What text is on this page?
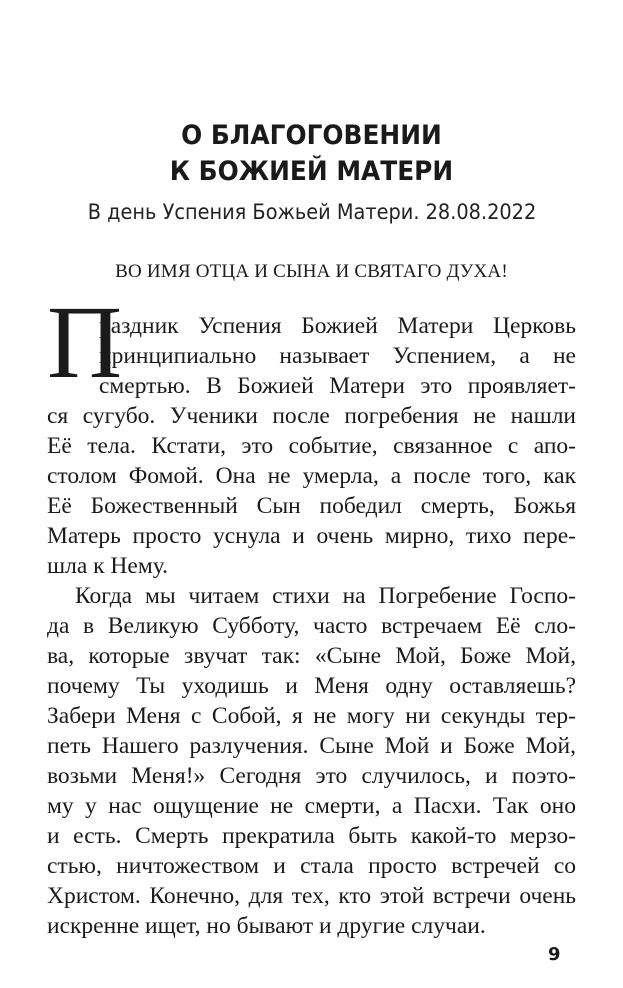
О БЛАГОГОВЕНИИ
К БОЖИЕЙ МАТЕРИ
В день Успения Божьей Матери. 28.08.2022
ВО ИМЯ ОТЦА И СЫНА И СВЯТАГО ДУХА!
П
раздник Успения Божией Матери Церковь
принципиально называет Успением, а не
смертью. В Божией Матери это проявляет-
ся сугубо. Ученики после погребения не нашли
Её тела. Кстати, это событие, связанное с апо-
столом Фомой. Она не умерла, а после того, как
Её Божественный Сын победил смерть, Божья
Матерь просто уснула и очень мирно, тихо пере-
шла к Нему.
Когда мы читаем стихи на Погребение Госпо-
да в Великую Субботу, часто встречаем Её сло-
ва, которые звучат так: «Сыне Мой, Боже Мой,
почему Ты уходишь и Меня одну оставляешь?
Забери Меня с Собой, я не могу ни секунды тер-
петь Нашего разлучения. Сыне Мой и Боже Мой,
возьми Меня!» Сегодня это случилось, и поэто-
му у нас ощущение не смерти, а Пасхи. Так оно
и есть. Смерть прекратила быть какой-то мерзо-
стью, ничтожеством и стала просто встречей со
Христом. Конечно, для тех, кто этой встречи очень
искренне ищет, но бывают и другие случаи.
9
